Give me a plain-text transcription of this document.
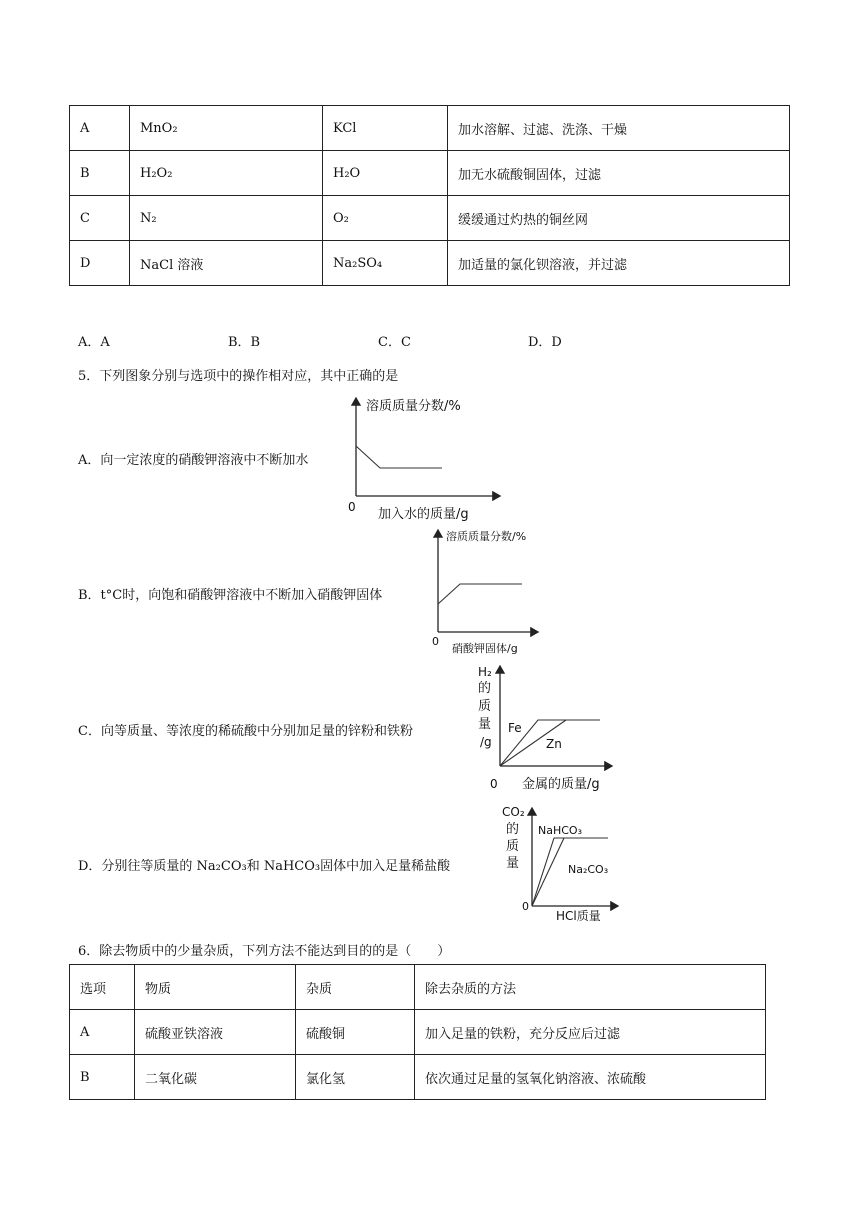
A	MnO₂	KCl	加水溶解、过滤、洗涤、干燥
B	H₂O₂	H₂O	加无水硫酸铜固体，过滤
C	N₂	O₂	缓缓通过灼热的铜丝网
D	NaCl 溶液	Na₂SO₄	加适量的氯化钡溶液，并过滤
A．A	B．B	C．C	D．D
5．下列图象分别与选项中的操作相对应，其中正确的是
A．向一定浓度的硝酸钾溶液中不断加水
溶质质量分数/%
加入水的质量/g
0
B．t°C时，向饱和硝酸钾溶液中不断加入硝酸钾固体
溶质质量分数/%
硝酸钾固体/g
0
C．向等质量、等浓度的稀硫酸中分别加足量的锌粉和铁粉
H₂
的
质
量
/g
Fe
Zn
金属的质量/g
0
D．分别往等质量的 Na₂CO₃和 NaHCO₃固体中加入足量稀盐酸
CO₂
的
质
量
NaHCO₃
Na₂CO₃
HCl质量
0
6．除去物质中的少量杂质，下列方法不能达到目的的是（　　）
选项	物质	杂质	除去杂质的方法
A	硫酸亚铁溶液	硫酸铜	加入足量的铁粉，充分反应后过滤
B	二氧化碳	氯化氢	依次通过足量的氢氧化钠溶液、浓硫酸
